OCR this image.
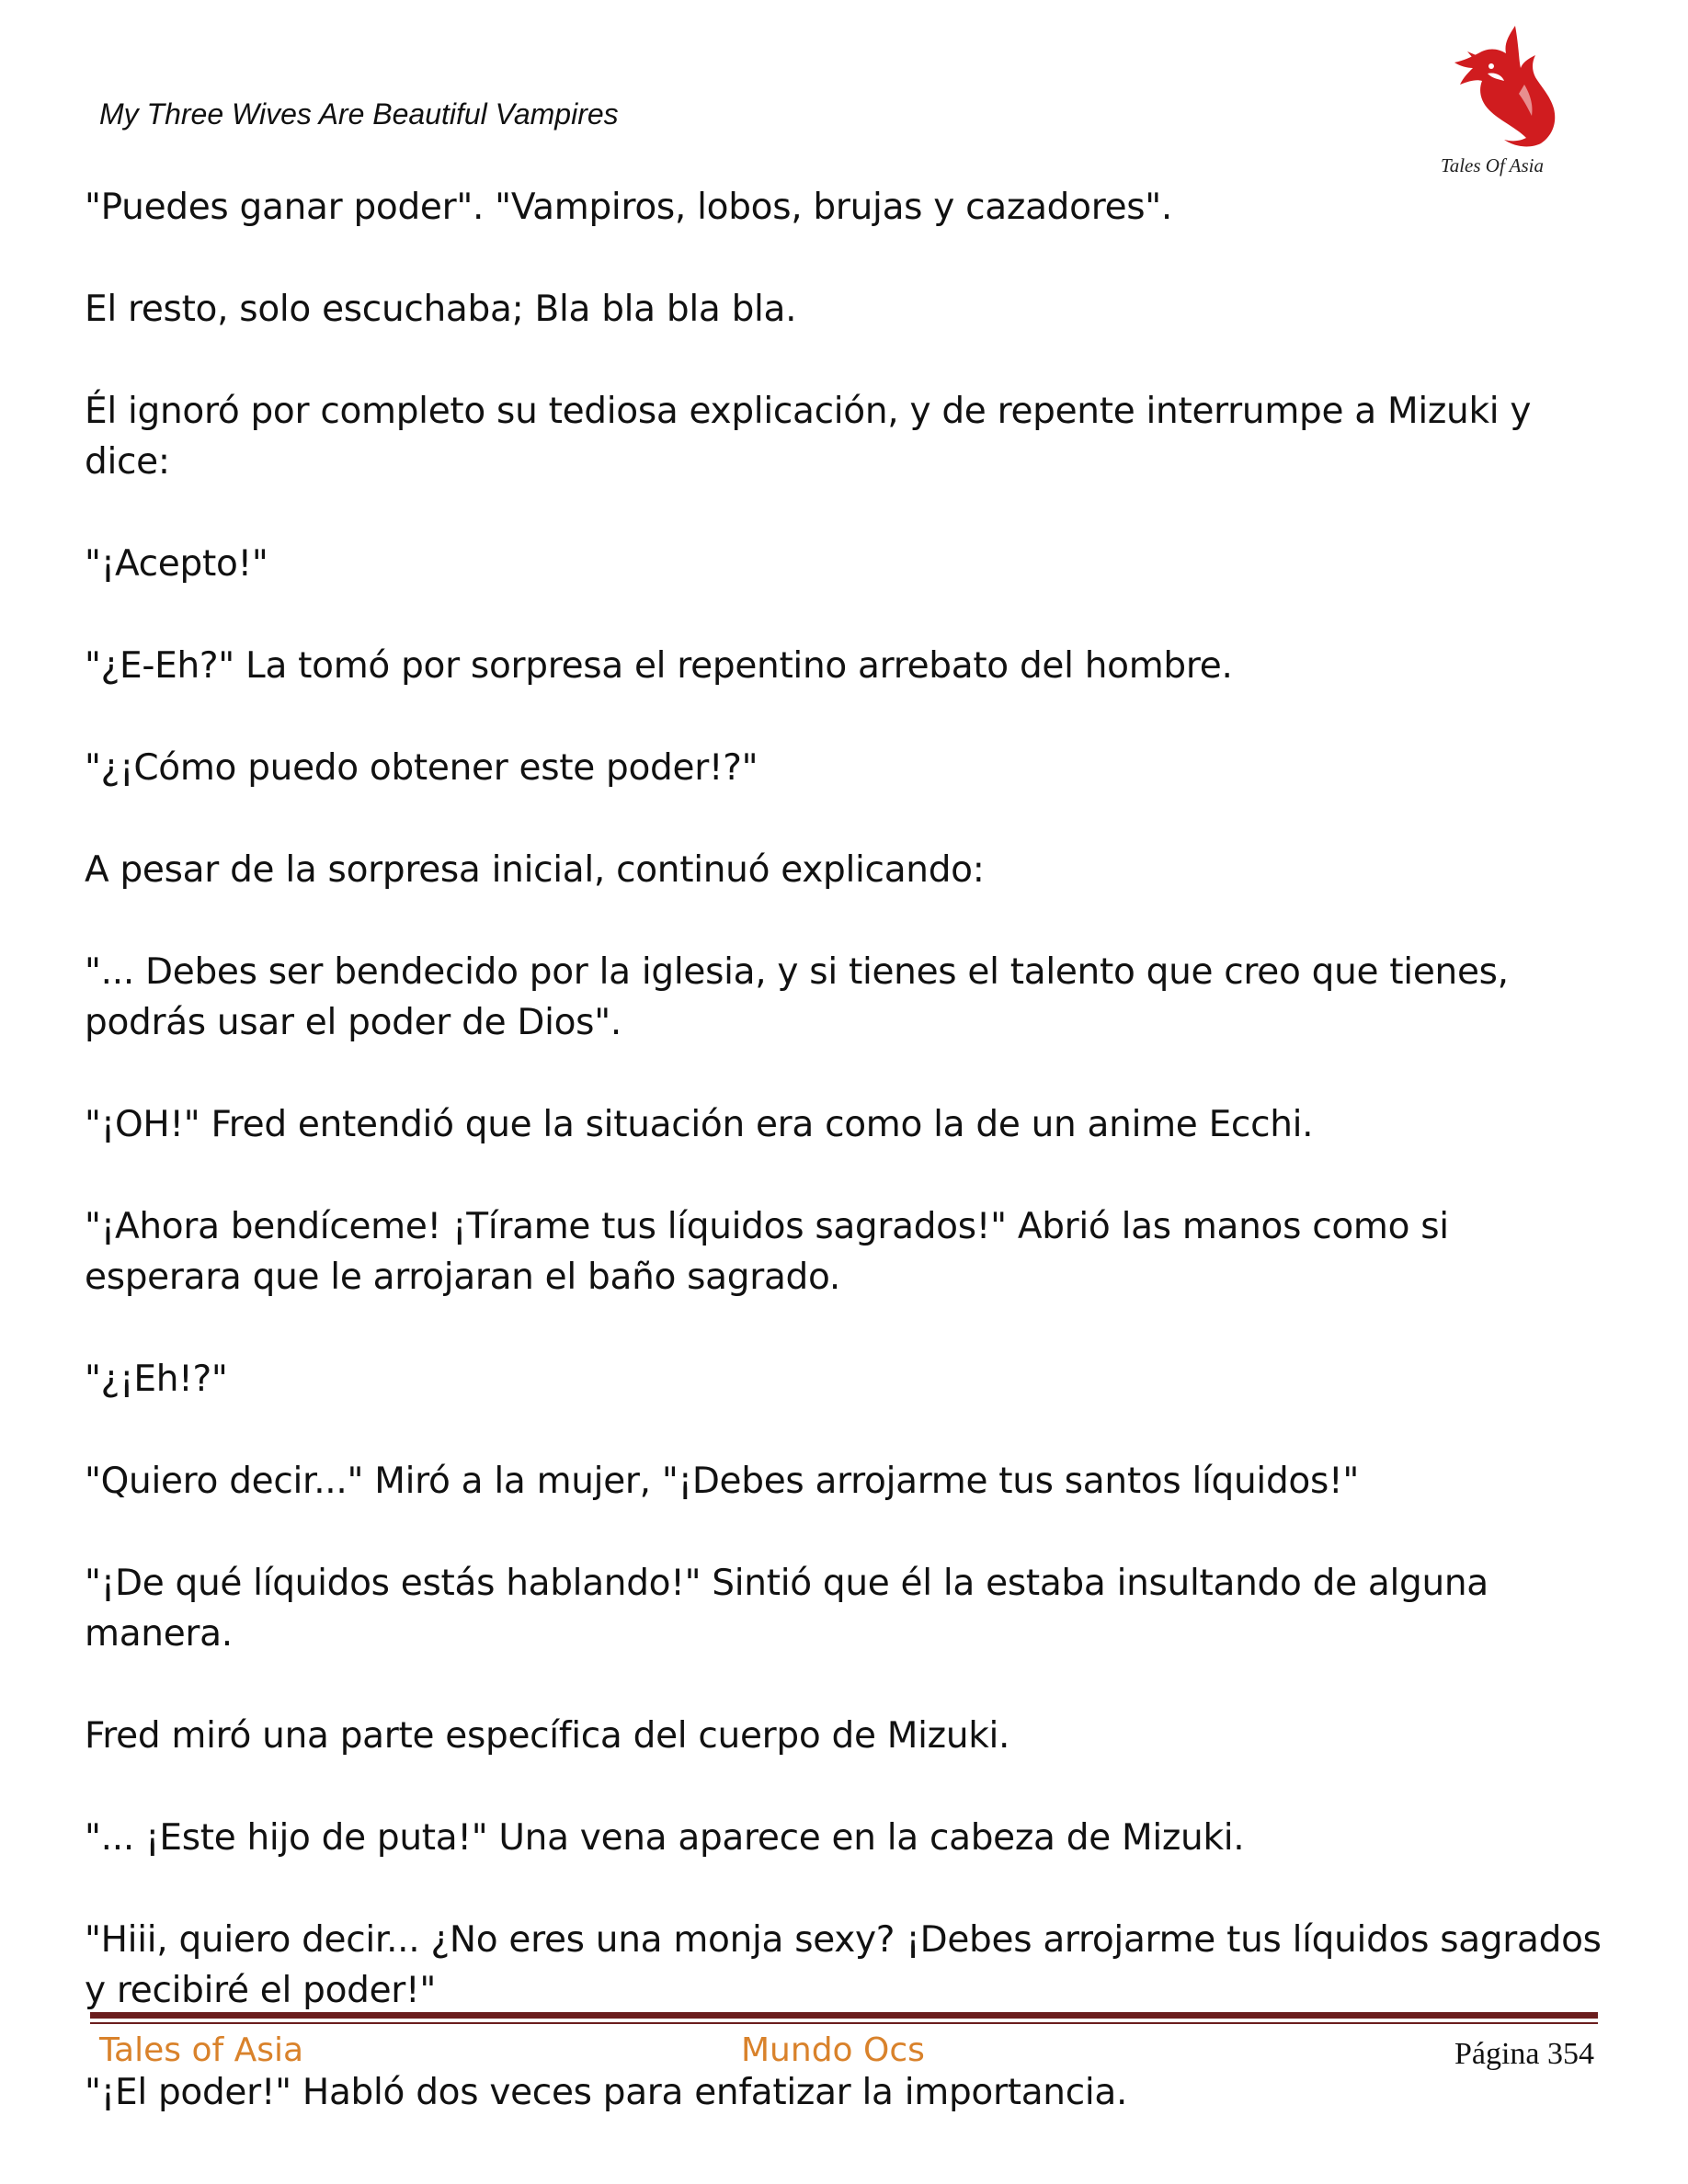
My Three Wives Are Beautiful Vampires
Tales Of Asia

"Puedes ganar poder". "Vampiros, lobos, brujas y cazadores".

El resto, solo escuchaba; Bla bla bla bla.

Él ignoró por completo su tediosa explicación, y de repente interrumpe a Mizuki y dice:

"¡Acepto!"

"¿E-Eh?" La tomó por sorpresa el repentino arrebato del hombre.

"¿¡Cómo puedo obtener este poder!?"

A pesar de la sorpresa inicial, continuó explicando:

"... Debes ser bendecido por la iglesia, y si tienes el talento que creo que tienes, podrás usar el poder de Dios".

"¡OH!" Fred entendió que la situación era como la de un anime Ecchi.

"¡Ahora bendíceme! ¡Tírame tus líquidos sagrados!" Abrió las manos como si esperara que le arrojaran el baño sagrado.

"¿¡Eh!?"

"Quiero decir..." Miró a la mujer, "¡Debes arrojarme tus santos líquidos!"

"¡De qué líquidos estás hablando!" Sintió que él la estaba insultando de alguna manera.

Fred miró una parte específica del cuerpo de Mizuki.

"... ¡Este hijo de puta!" Una vena aparece en la cabeza de Mizuki.

"Hiii, quiero decir... ¿No eres una monja sexy? ¡Debes arrojarme tus líquidos sagrados y recibiré el poder!"

"¡El poder!" Habló dos veces para enfatizar la importancia.

Tales of Asia	Mundo Ocs	Página 354
